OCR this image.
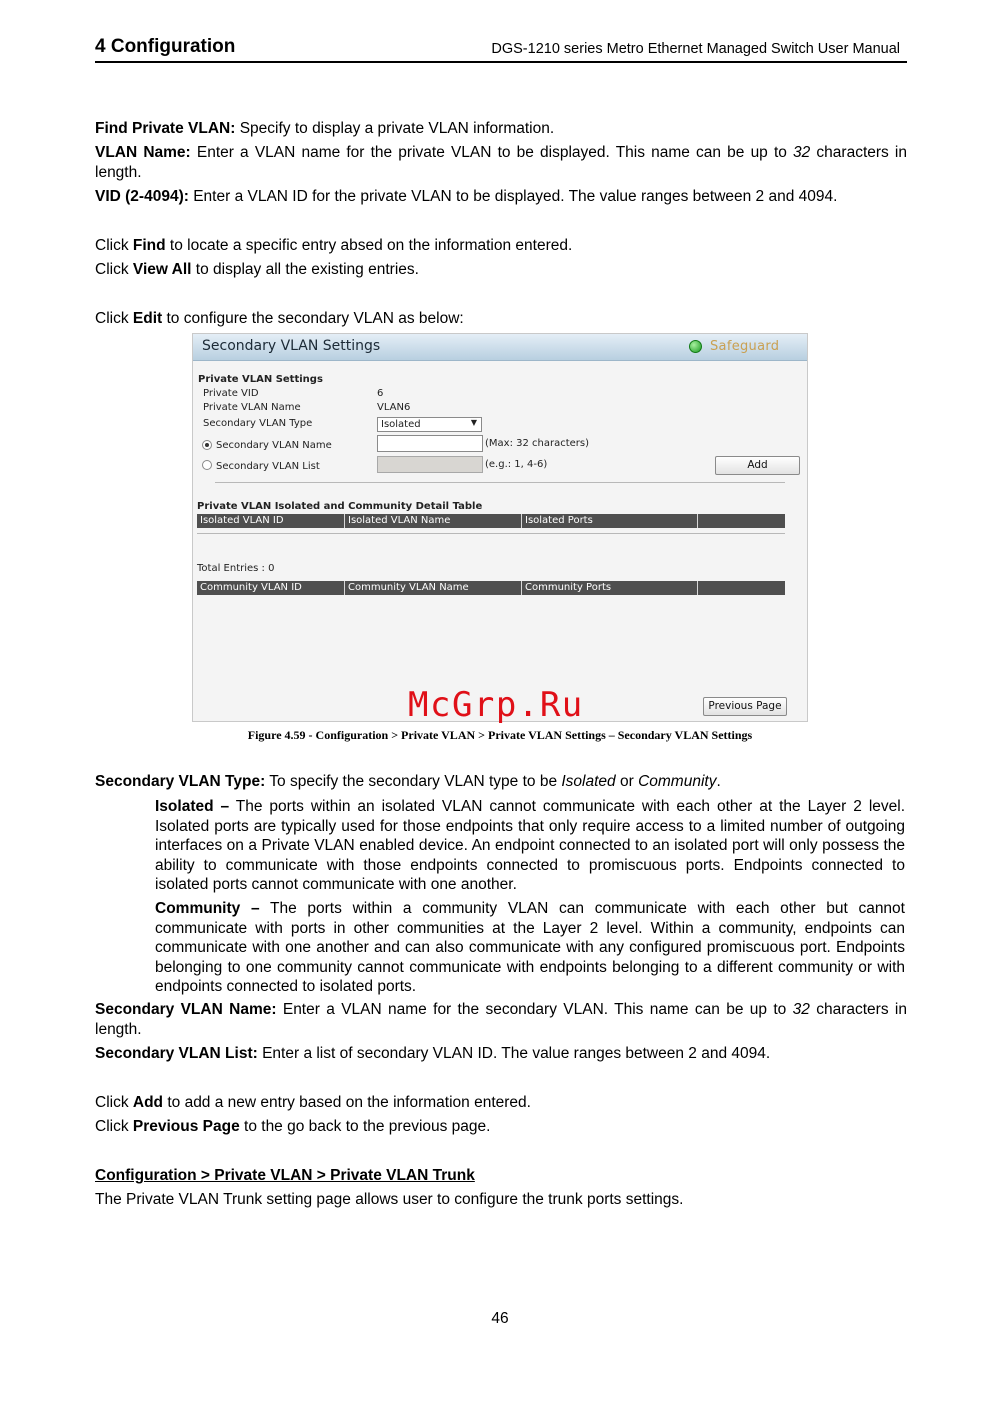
4 Configuration	DGS-1210 series Metro Ethernet Managed Switch User Manual
Find Private VLAN: Specify to display a private VLAN information.
VLAN Name: Enter a VLAN name for the private VLAN to be displayed. This name can be up to 32 characters in length.
VID (2-4094): Enter a VLAN ID for the private VLAN to be displayed. The value ranges between 2 and 4094.
Click Find to locate a specific entry absed on the information entered.
Click View All to display all the existing entries.
Click Edit to configure the secondary VLAN as below:
Secondary VLAN Settings	Safeguard
Private VLAN Settings
Private VID	6
Private VLAN Name	VLAN6
Secondary VLAN Type	Isolated	▼
Secondary VLAN Name	(Max: 32 characters)
Secondary VLAN List	(e.g.: 1, 4-6)	Add
Private VLAN Isolated and Community Detail Table
Isolated VLAN ID	Isolated VLAN Name	Isolated Ports
Total Entries : 0
Community VLAN ID	Community VLAN Name	Community Ports
Previous Page
McGrp.Ru
Figure 4.59 - Configuration > Private VLAN > Private VLAN Settings – Secondary VLAN Settings
Secondary VLAN Type: To specify the secondary VLAN type to be Isolated or Community.
Isolated – The ports within an isolated VLAN cannot communicate with each other at the Layer 2 level. Isolated ports are typically used for those endpoints that only require access to a limited number of outgoing interfaces on a Private VLAN enabled device. An endpoint connected to an isolated port will only possess the ability to communicate with those endpoints connected to promiscuous ports. Endpoints connected to isolated ports cannot communicate with one another.
Community – The ports within a community VLAN can communicate with each other but cannot communicate with ports in other communities at the Layer 2 level. Within a community, endpoints can communicate with one another and can also communicate with any configured promiscuous port. Endpoints belonging to one community cannot communicate with endpoints belonging to a different community or with endpoints connected to isolated ports.
Secondary VLAN Name: Enter a VLAN name for the secondary VLAN. This name can be up to 32 characters in length.
Secondary VLAN List: Enter a list of secondary VLAN ID. The value ranges between 2 and 4094.
Click Add to add a new entry based on the information entered.
Click Previous Page to the go back to the previous page.
Configuration > Private VLAN > Private VLAN Trunk
The Private VLAN Trunk setting page allows user to configure the trunk ports settings.
46
